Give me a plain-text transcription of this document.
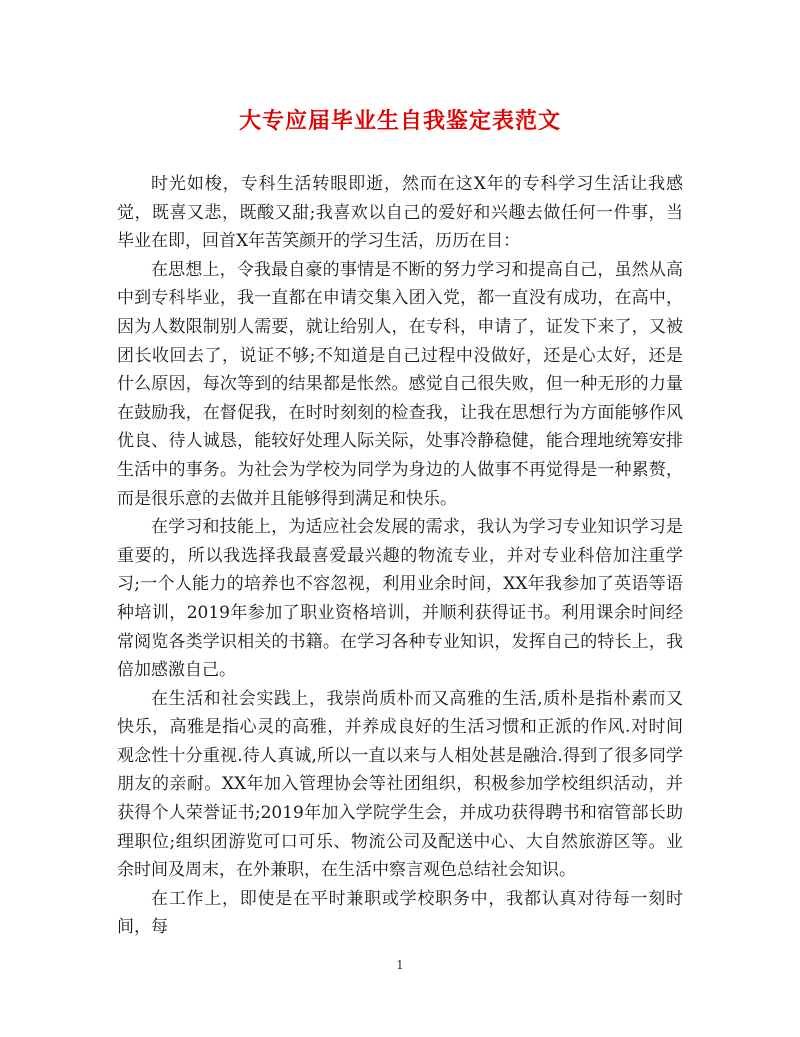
大专应届毕业生自我鉴定表范文

时光如梭，专科生活转眼即逝，然而在这X年的专科学习生活让我感觉，既喜又悲，既酸又甜;我喜欢以自己的爱好和兴趣去做任何一件事，当毕业在即，回首X年苦笑颜开的学习生活，历历在目：

在思想上，令我最自豪的事情是不断的努力学习和提高自己，虽然从高中到专科毕业，我一直都在申请交集入团入党，都一直没有成功，在高中，因为人数限制别人需要，就让给别人，在专科，申请了，证发下来了，又被团长收回去了，说证不够;不知道是自己过程中没做好，还是心太好，还是什么原因，每次等到的结果都是怅然。感觉自己很失败，但一种无形的力量在鼓励我，在督促我，在时时刻刻的检查我，让我在思想行为方面能够作风优良、待人诚恳，能较好处理人际关际，处事冷静稳健，能合理地统筹安排生活中的事务。为社会为学校为同学为身边的人做事不再觉得是一种累赘，而是很乐意的去做并且能够得到满足和快乐。

在学习和技能上，为适应社会发展的需求，我认为学习专业知识学习是重要的，所以我选择我最喜爱最兴趣的物流专业，并对专业科倍加注重学习;一个人能力的培养也不容忽视，利用业余时间，XX年我参加了英语等语种培训，2019年参加了职业资格培训，并顺利获得证书。利用课余时间经常阅览各类学识相关的书籍。在学习各种专业知识，发挥自己的特长上，我倍加感激自己。

在生活和社会实践上，我崇尚质朴而又高雅的生活,质朴是指朴素而又快乐，高雅是指心灵的高雅，并养成良好的生活习惯和正派的作风.对时间观念性十分重视.待人真诚,所以一直以来与人相处甚是融洽.得到了很多同学朋友的亲耐。XX年加入管理协会等社团组织，积极参加学校组织活动，并获得个人荣誉证书;2019年加入学院学生会，并成功获得聘书和宿管部长助理职位;组织团游览可口可乐、物流公司及配送中心、大自然旅游区等。业余时间及周末，在外兼职，在生活中察言观色总结社会知识。

在工作上，即使是在平时兼职或学校职务中，我都认真对待每一刻时间，每

1
